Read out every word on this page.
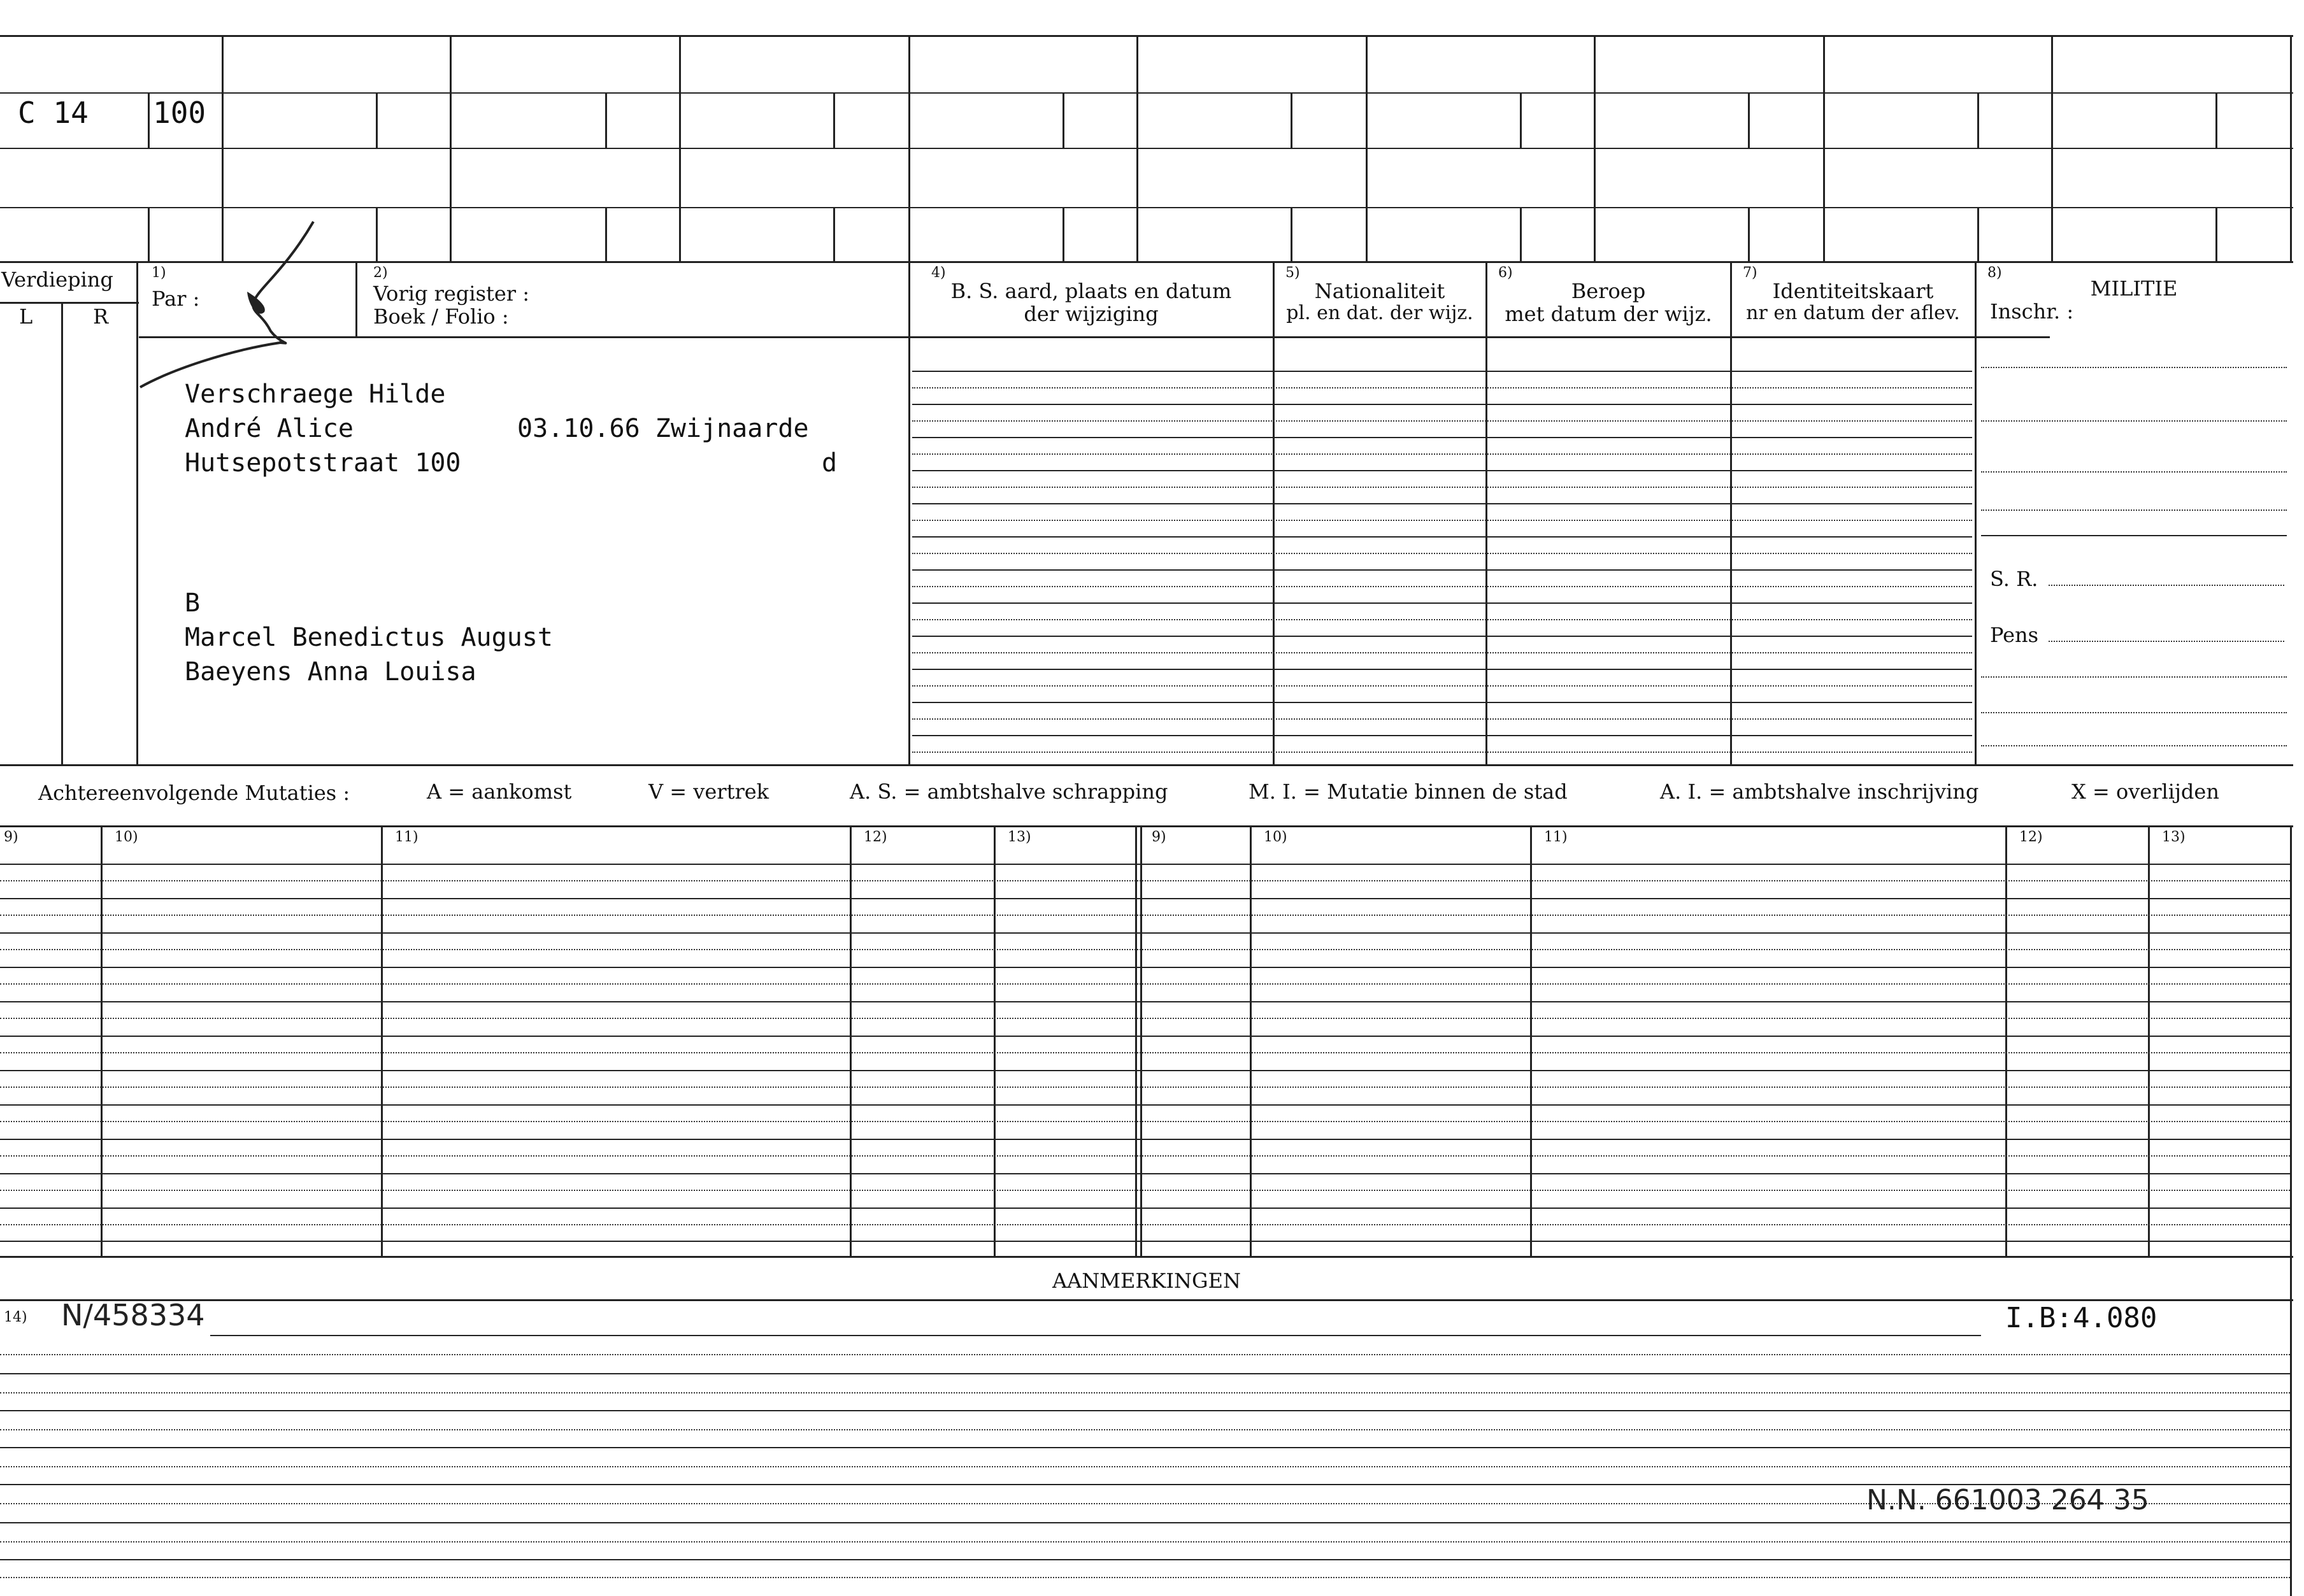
C 14 100
Verdieping
L	R
1)
Par :
2)
Vorig register :
Boek / Folio :
4)
B. S. aard, plaats en datum
der wijziging
5)
Nationaliteit
pl. en dat. der wijz.
6)
Beroep
met datum der wijz.
7)
Identiteitskaart
nr en datum der aflev.
8)
MILITIE
Inschr. :
S. R.
Pens
Verschraege Hilde
André Alice	03.10.66 Zwijnaarde
Hutsepotstraat 100	d
B
Marcel Benedictus August
Baeyens Anna Louisa
Achtereenvolgende Mutaties :	A = aankomst	V = vertrek	A. S. = ambtshalve schrapping	M. I. = Mutatie binnen de stad	A. I. = ambtshalve inschrijving	X = overlijden
9)	10)	11)	12)	13)	9)	10)	11)	12)	13)
AANMERKINGEN
14) N/458334	I.B:4.080
N.N. 661003 264 35
